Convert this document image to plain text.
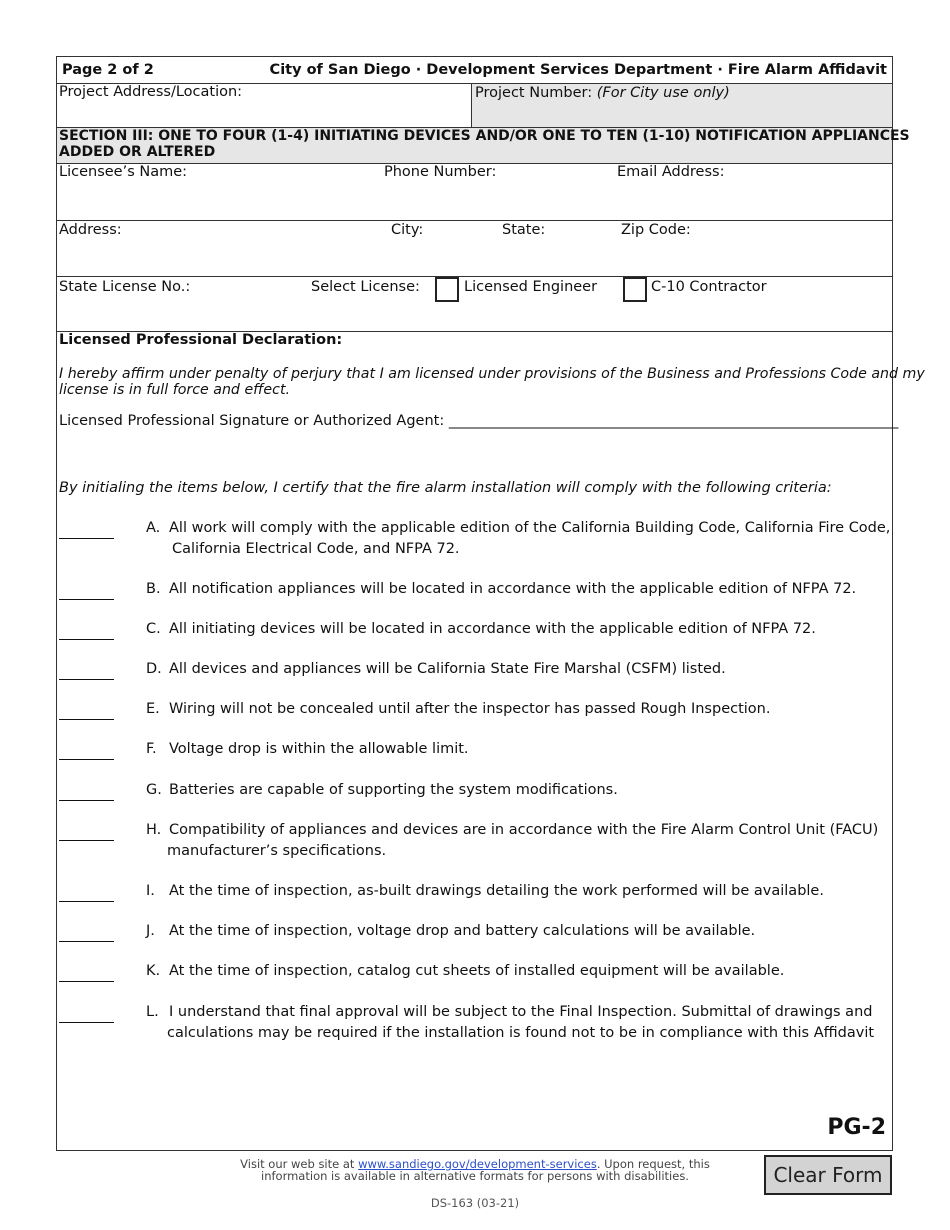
Page 2 of 2	City of San Diego · Development Services Department · Fire Alarm Affidavit
Project Address/Location:	Project Number: (For City use only)
SECTION III: ONE TO FOUR (1-4) INITIATING DEVICES AND/OR ONE TO TEN (1-10) NOTIFICATION APPLIANCES
ADDED OR ALTERED
Licensee’s Name:	Phone Number:	Email Address:
Address:	City:	State:	Zip Code:
State License No.:	Select License:	Licensed Engineer	C-10 Contractor
Licensed Professional Declaration:
I hereby affirm under penalty of perjury that I am licensed under provisions of the Business and Professions Code and my
license is in full force and effect.
Licensed Professional Signature or Authorized Agent: ______________________________________________________________
By initialing the items below, I certify that the fire alarm installation will comply with the following criteria:
A. All work will comply with the applicable edition of the California Building Code, California Fire Code,
California Electrical Code, and NFPA 72.
B. All notification appliances will be located in accordance with the applicable edition of NFPA 72.
C. All initiating devices will be located in accordance with the applicable edition of NFPA 72.
D. All devices and appliances will be California State Fire Marshal (CSFM) listed.
E. Wiring will not be concealed until after the inspector has passed Rough Inspection.
F. Voltage drop is within the allowable limit.
G. Batteries are capable of supporting the system modifications.
H. Compatibility of appliances and devices are in accordance with the Fire Alarm Control Unit (FACU)
manufacturer’s specifications.
I. At the time of inspection, as-built drawings detailing the work performed will be available.
J. At the time of inspection, voltage drop and battery calculations will be available.
K. At the time of inspection, catalog cut sheets of installed equipment will be available.
L. I understand that final approval will be subject to the Final Inspection. Submittal of drawings and
calculations may be required if the installation is found not to be in compliance with this Affidavit
PG-2
Visit our web site at www.sandiego.gov/development-services. Upon request, this
information is available in alternative formats for persons with disabilities.	Clear Form
DS-163 (03-21)
